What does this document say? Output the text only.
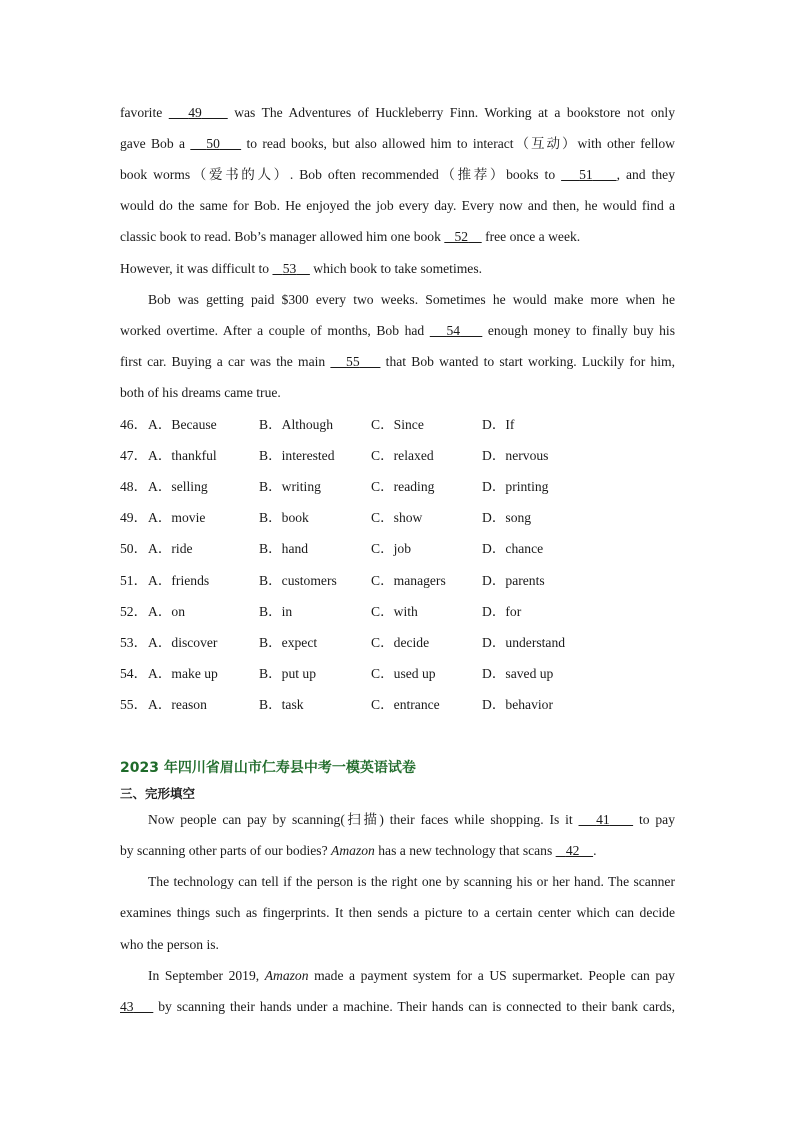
favorite    49     was The Adventures of Huckleberry Finn. Working at a bookstore not only
gave Bob a    50     to read books, but also allowed him to interact（互动）with other fellow
book worms（爱书的人）. Bob often recommended（推荐）books to    51 , and they
would do the same for Bob. He enjoyed the job every day. Every now and then, he would find a
classic book to read. Bob’s manager allowed him one book    52     free once a week.
However, it was difficult to    53     which book to take sometimes.
Bob was getting paid $300 every two weeks. Sometimes he would make more when he
worked overtime. After a couple of months, Bob had    54     enough money to finally buy his
first car. Buying a car was the main    55     that Bob wanted to start working. Luckily for him,
both of his dreams came true.
46． A．Because	B．Although	C．Since	D．If
47． A．thankful	B．interested	C．relaxed	D．nervous
48． A．selling	B．writing	C．reading	D．printing
49． A．movie	B．book	C．show	D．song
50． A．ride	B．hand	C．job	D．chance
51． A．friends	B．customers	C．managers	D．parents
52． A．on	B．in	C．with	D．for
53． A．discover	B．expect	C．decide	D．understand
54． A．make up	B．put up	C．used up	D．saved up
55． A．reason	B．task	C．entrance	D．behavior
2023 年四川省眉山市仁寿县中考一模英语试卷
三、完形填空
Now people can pay by scanning(扫描) their faces while shopping. Is it    41     to pay
by scanning other parts of our bodies? Amazon has a new technology that scans    42 .
The technology can tell if the person is the right one by scanning his or her hand. The scanner
examines things such as fingerprints. It then sends a picture to a certain center which can decide
who the person is.
In September 2019, Amazon made a payment system for a US supermarket. People can pay
43     by scanning their hands under a machine. Their hands can is connected to their bank cards,
